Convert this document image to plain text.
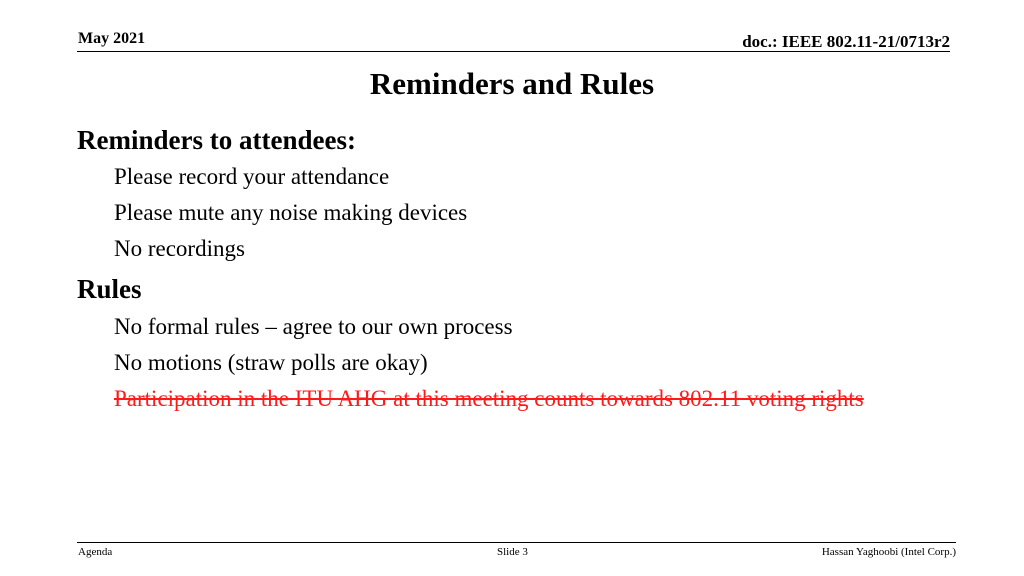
May 2021	doc.: IEEE 802.11-21/0713r2
Reminders and Rules
Reminders to attendees:
Please record your attendance
Please mute any noise making devices
No recordings
Rules
No formal rules – agree to our own process
No motions (straw polls are okay)
Participation in the ITU AHG at this meeting counts towards 802.11 voting rights
Agenda	Slide 3	Hassan Yaghoobi (Intel Corp.)
